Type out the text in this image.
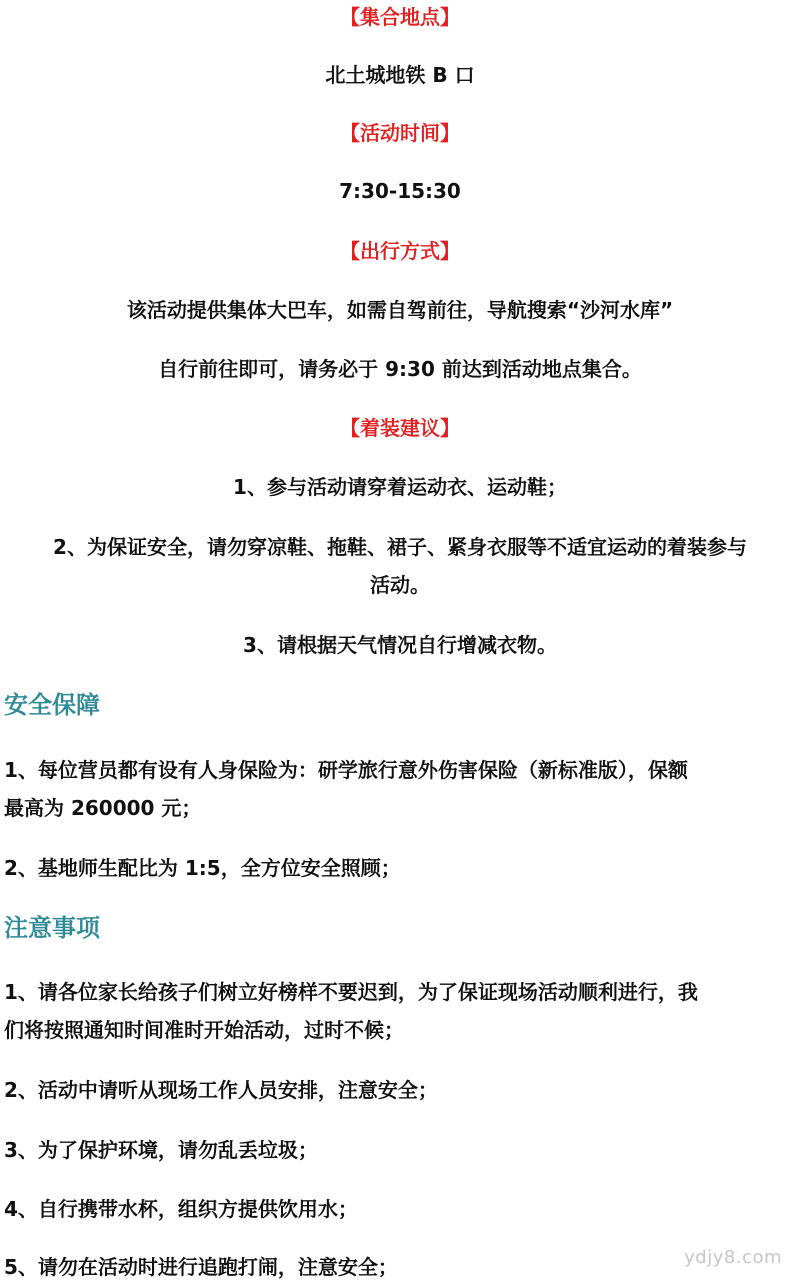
【集合地点】
北土城地铁 B 口
【活动时间】
7:30-15:30
【出行方式】
该活动提供集体大巴车，如需自驾前往，导航搜索“沙河水库”
自行前往即可，请务必于 9:30 前达到活动地点集合。
【着装建议】
1、参与活动请穿着运动衣、运动鞋；
2、为保证安全，请勿穿凉鞋、拖鞋、裙子、紧身衣服等不适宜运动的着装参与
活动。
3、请根据天气情况自行增减衣物。
安全保障
1、每位营员都有设有人身保险为：研学旅行意外伤害保险（新标准版），保额
最高为 260000 元；
2、基地师生配比为 1:5，全方位安全照顾；
注意事项
1、请各位家长给孩子们树立好榜样不要迟到，为了保证现场活动顺利进行，我
们将按照通知时间准时开始活动，过时不候；
2、活动中请听从现场工作人员安排，注意安全；
3、为了保护环境，请勿乱丢垃圾；
4、自行携带水杯，组织方提供饮用水；
5、请勿在活动时进行追跑打闹，注意安全；	ydjy8.com
